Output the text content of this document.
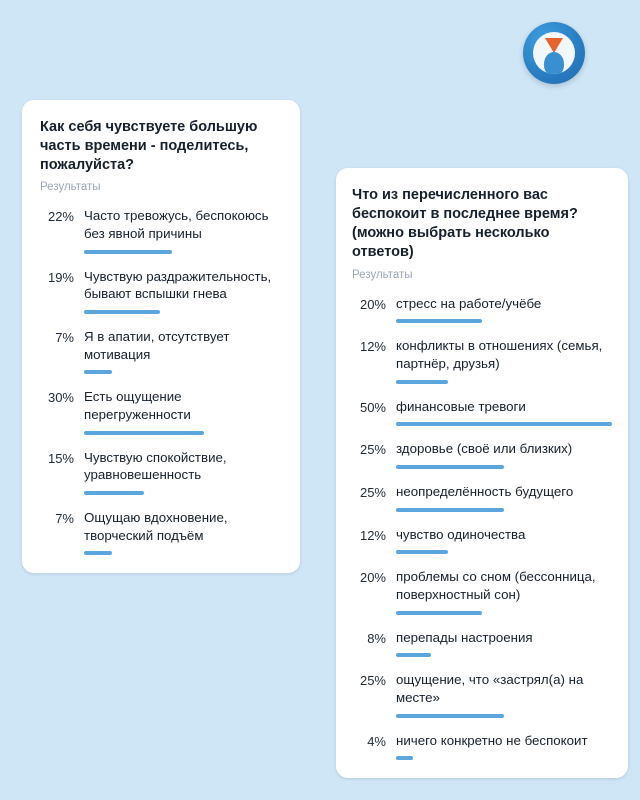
Как себя чувствуете большую часть времени - поделитесь, пожалуйста?

Результаты

22% Часто тревожусь, беспокоюсь без явной причины

19% Чувствую раздражительность, бывают вспышки гнева

7% Я в апатии, отсутствует мотивация

30% Есть ощущение перегруженности

15% Чувствую спокойствие, уравновешенность

7% Ощущаю вдохновение, творческий подъём

Что из перечисленного вас беспокоит в последнее время? (можно выбрать несколько ответов)

Результаты

20% стресс на работе/учёбе

12% конфликты в отношениях (семья, партнёр, друзья)

50% финансовые тревоги

25% здоровье (своё или близких)

25% неопределённость будущего

12% чувство одиночества

20% проблемы со сном (бессонница, поверхностный сон)

8% перепады настроения

25% ощущение, что «застрял(а) на месте»

4% ничего конкретно не беспокоит
